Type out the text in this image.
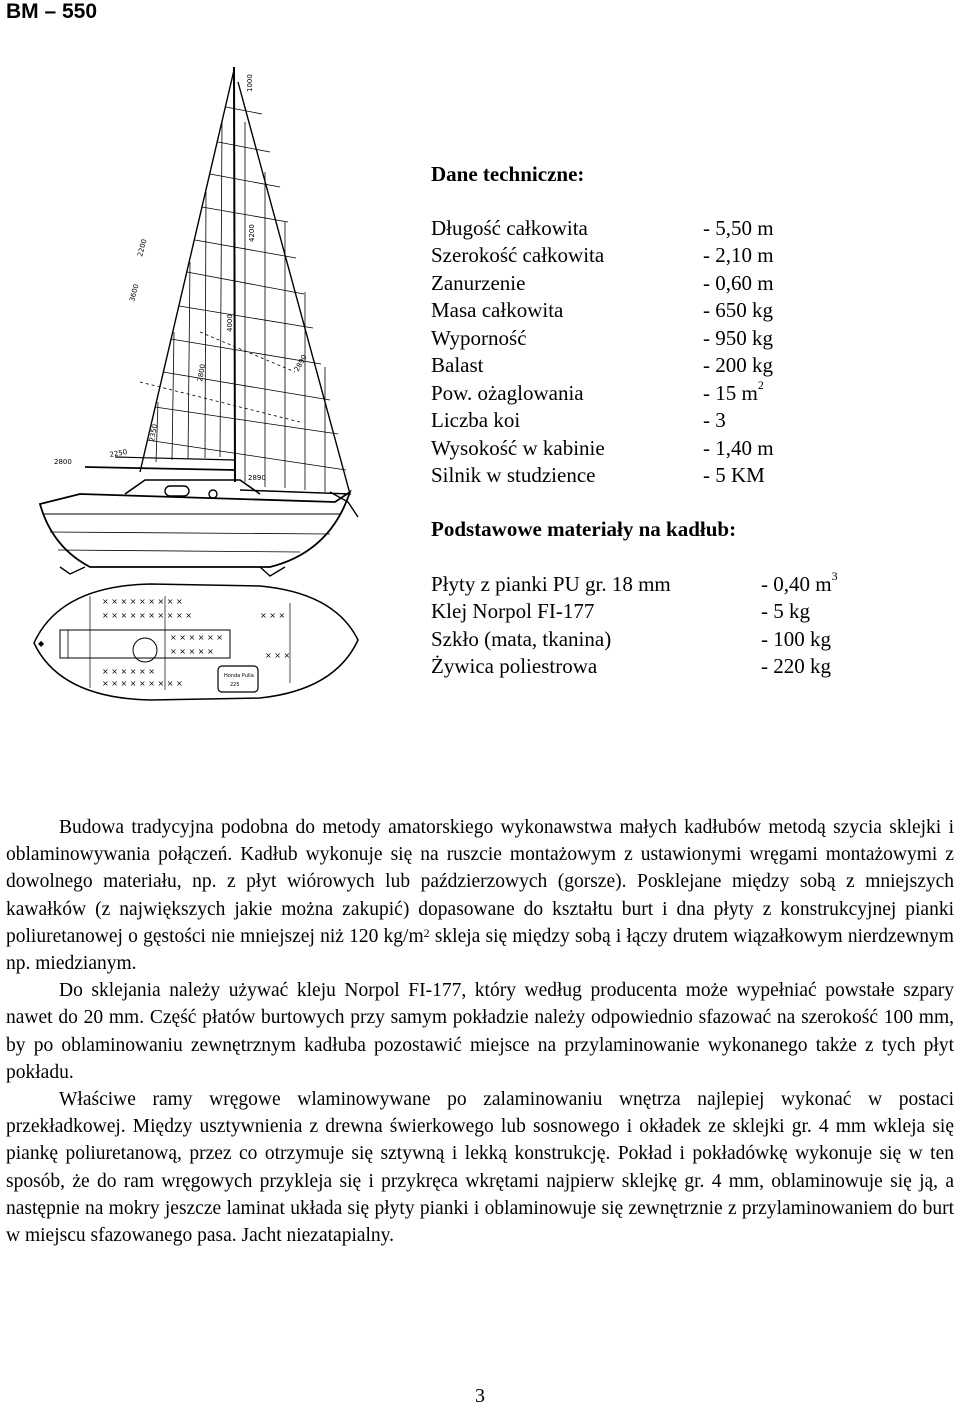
BM – 550
1000
4200
4000
2200
3600
2800
2250
2800
2890
2890
2350
× × × × × × × × ×
× × × × × × × × × ×
× × × × × ×
× × × × × × × × ×
× × × × × ×
× × × × ×
× × ×
× × ×
◆
Honda Pulla
225
Dane techniczne:
Długość całkowita	- 5,50 m
Szerokość całkowita	- 2,10 m
Zanurzenie	- 0,60 m
Masa całkowita	- 650 kg
Wyporność	- 950 kg
Balast	- 200 kg
Pow. ożaglowania	- 15 $m^2$
Liczba koi	- 3
Wysokość w kabinie	- 1,40 m
Silnik w studzience	- 5 KM
Podstawowe materiały na kadłub:
Płyty z pianki PU gr. 18 mm	- 0,40 $m^3$
Klej Norpol FI-177	- 5 kg
Szkło (mata, tkanina)	- 100 kg
Żywica poliestrowa	- 220 kg

Budowa tradycyjna podobna do metody amatorskiego wykonawstwa małych kadłubów metodą szycia sklejki i oblaminowywania połączeń. Kadłub wykonuje się na ruszcie montażowym z ustawionymi wręgami montażowymi z dowolnego materiału, np. z płyt wiórowych lub paździerzowych (gorsze). Posklejane między sobą z mniejszych kawałków (z największych jakie można zakupić) dopasowane do kształtu burt i dna płyty z konstrukcyjnej pianki poliuretanowej o gęstości nie mniejszej niż 120 $kg/m^2$ skleja się między sobą i łączy drutem wiązałkowym nierdzewnym np. miedzianym.

Do sklejania należy używać kleju Norpol FI-177, który według producenta może wypełniać powstałe szpary nawet do 20 mm. Część płatów burtowych przy samym pokładzie należy odpowiednio sfazować na szerokość 100 mm, by po oblaminowaniu zewnętrznym kadłuba pozostawić miejsce na przylaminowanie wykonanego także z tych płyt pokładu.

Właściwe ramy wręgowe wlaminowywane po zalaminowaniu wnętrza najlepiej wykonać w postaci przekładkowej. Między usztywnienia z drewna świerkowego lub sosnowego i okładek ze sklejki gr. 4 mm wkleja się piankę poliuretanową, przez co otrzymuje się sztywną i lekką konstrukcję. Pokład i pokładówkę wykonuje się w ten sposób, że do ram wręgowych przykleja się i przykręca wkrętami najpierw sklejkę gr. 4 mm, oblaminowuje się ją, a następnie na mokry jeszcze laminat układa się płyty pianki i oblaminowuje się zewnętrznie z przylaminowaniem do burt w miejscu sfazowanego pasa. Jacht niezatapialny.

3
